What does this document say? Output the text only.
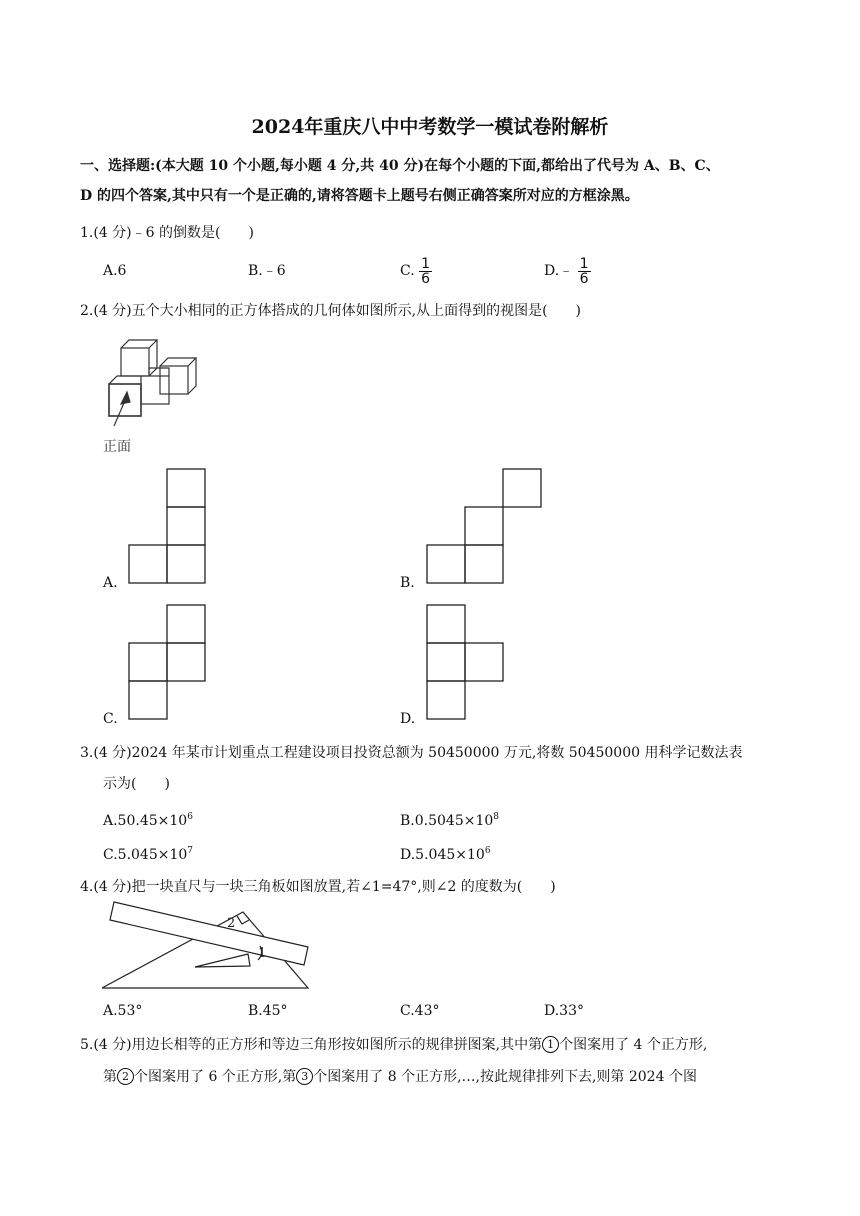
2024年重庆八中中考数学一模试卷附解析
一、选择题:(本大题 10 个小题,每小题 4 分,共 40 分)在每个小题的下面,都给出了代号为 A、B、C、
D 的四个答案,其中只有一个是正确的,请将答题卡上题号右侧正确答案所对应的方框涂黑。
1.(4 分)﹣6 的倒数是(　　)
A.6	B.﹣6	C. $\frac{1}{6}$	D.﹣ $\frac{1}{6}$
2.(4 分)五个大小相同的正方体搭成的几何体如图所示,从上面得到的视图是(　　)
正面
A.	B.
C.	D.
3.(4 分)2024 年某市计划重点工程建设项目投资总额为 50450000 万元,将数 50450000 用科学记数法表
示为(　　)
$A.50.45\times 10^6$	$B.0.5045\times 10^8$
$C.5.045\times 10^7$	$D.5.045\times 10^6$
4.(4 分)把一块直尺与一块三角板如图放置,若∠1=47°,则∠2 的度数为(　　)
2
1
A.53°	B.45°	C.43°	D.33°
5.(4 分)用边长相等的正方形和等边三角形按如图所示的规律拼图案,其中第 1 个图案用了 4 个正方形,
第 2 个图案用了 6 个正方形,第 3 个图案用了 8 个正方形,…,按此规律排列下去,则第 2024 个图
